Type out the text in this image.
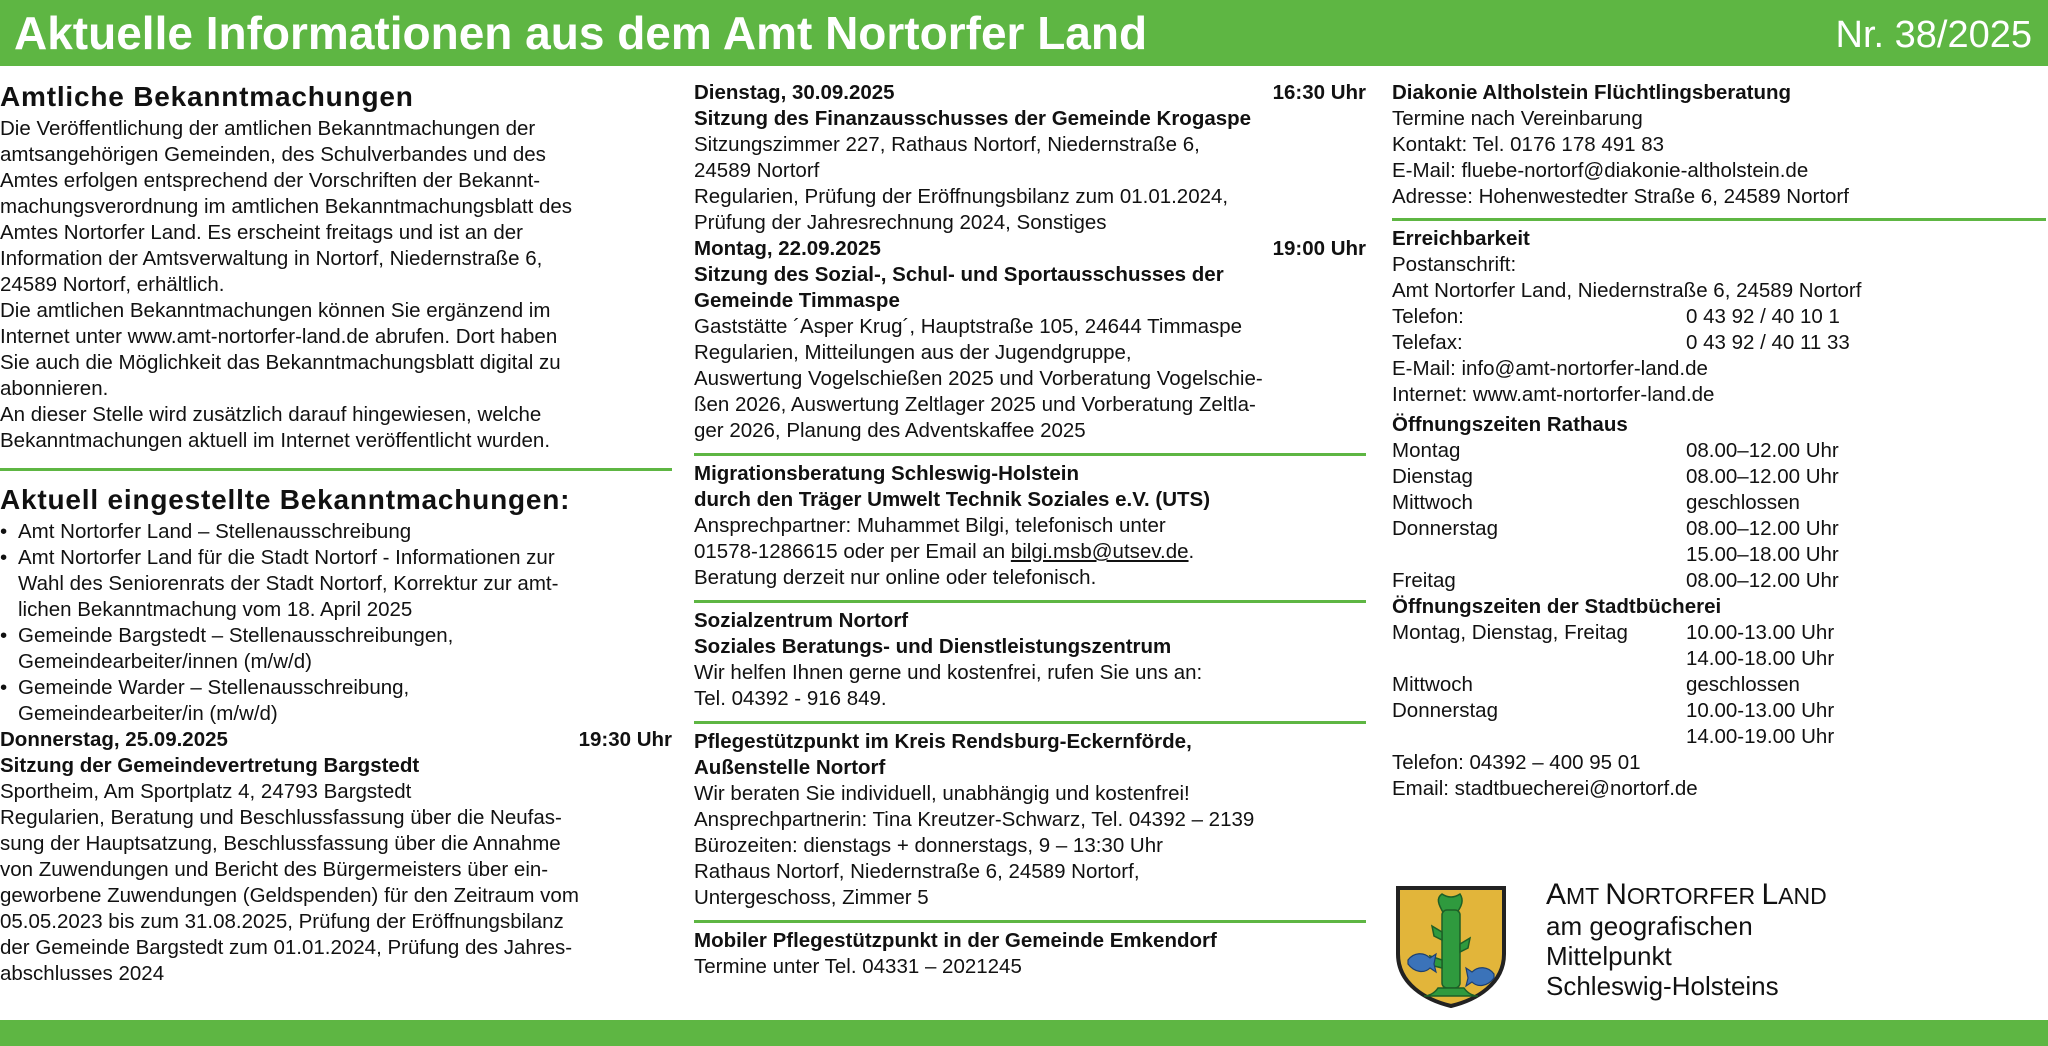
Aktuelle Informationen aus dem Amt Nortorfer Land	Nr. 38/2025
Amtliche Bekanntmachungen

Die Veröffentlichung der amtlichen Bekanntmachungen der

amtsangehörigen Gemeinden, des Schulverbandes und des

Amtes erfolgen entsprechend der Vorschriften der Bekannt-

machungsverordnung im amtlichen Bekanntmachungsblatt des

Amtes Nortorfer Land. Es erscheint freitags und ist an der

Information der Amtsverwaltung in Nortorf, Niedernstraße 6,

24589 Nortorf, erhältlich.

Die amtlichen Bekanntmachungen können Sie ergänzend im

Internet unter www.amt-nortorfer-land.de abrufen. Dort haben

Sie auch die Möglichkeit das Bekanntmachungsblatt digital zu

abonnieren.

An dieser Stelle wird zusätzlich darauf hingewiesen, welche

Bekanntmachungen aktuell im Internet veröffentlicht wurden.

Aktuell eingestellte Bekanntmachungen:
• Amt Nortorfer Land – Stellenausschreibung
• Amt Nortorfer Land für die Stadt Nortorf - Informationen zur
Wahl des Seniorenrats der Stadt Nortorf, Korrektur zur amt-
lichen Bekanntmachung vom 18. April 2025
• Gemeinde Bargstedt – Stellenausschreibungen,
Gemeindearbeiter/innen (m/w/d)
• Gemeinde Warder – Stellenausschreibung,
Gemeindearbeiter/in (m/w/d)
Donnerstag, 25.09.2025	19:30 Uhr
Sitzung der Gemeindevertretung Bargstedt

Sportheim, Am Sportplatz 4, 24793 Bargstedt

Regularien, Beratung und Beschlussfassung über die Neufas-

sung der Hauptsatzung, Beschlussfassung über die Annahme

von Zuwendungen und Bericht des Bürgermeisters über ein-

geworbene Zuwendungen (Geldspenden) für den Zeitraum vom

05.05.2023 bis zum 31.08.2025, Prüfung der Eröffnungsbilanz

der Gemeinde Bargstedt zum 01.01.2024, Prüfung des Jahres-

abschlusses 2024

Dienstag, 30.09.2025	16:30 Uhr
Sitzung des Finanzausschusses der Gemeinde Krogaspe

Sitzungszimmer 227, Rathaus Nortorf, Niedernstraße 6,

24589 Nortorf

Regularien, Prüfung der Eröffnungsbilanz zum 01.01.2024,

Prüfung der Jahresrechnung 2024, Sonstiges

Montag, 22.09.2025	19:00 Uhr
Sitzung des Sozial-, Schul- und Sportausschusses der
Gemeinde Timmaspe

Gaststätte ´Asper Krug´, Hauptstraße 105, 24644 Timmaspe

Regularien, Mitteilungen aus der Jugendgruppe,

Auswertung Vogelschießen 2025 und Vorberatung Vogelschie-

ßen 2026, Auswertung Zeltlager 2025 und Vorberatung Zeltla-

ger 2026, Planung des Adventskaffee 2025

Migrationsberatung Schleswig-Holstein
durch den Träger Umwelt Technik Soziales e.V. (UTS)

Ansprechpartner: Muhammet Bilgi, telefonisch unter

01578-1286615 oder per Email an bilgi.msb@utsev.de.

Beratung derzeit nur online oder telefonisch.

Sozialzentrum Nortorf
Soziales Beratungs- und Dienstleistungszentrum

Wir helfen Ihnen gerne und kostenfrei, rufen Sie uns an:

Tel. 04392 - 916 849.

Pflegestützpunkt im Kreis Rendsburg-Eckernförde,
Außenstelle Nortorf

Wir beraten Sie individuell, unabhängig und kostenfrei!

Ansprechpartnerin: Tina Kreutzer-Schwarz, Tel. 04392 – 2139

Bürozeiten: dienstags + donnerstags, 9 – 13:30 Uhr

Rathaus Nortorf, Niedernstraße 6, 24589 Nortorf,

Untergeschoss, Zimmer 5

Mobiler Pflegestützpunkt in der Gemeinde Emkendorf

Termine unter Tel. 04331 – 2021245

Diakonie Altholstein Flüchtlingsberatung

Termine nach Vereinbarung

Kontakt: Tel. 0176 178 491 83

E-Mail: fluebe-nortorf@diakonie-altholstein.de

Adresse: Hohenwestedter Straße 6, 24589 Nortorf

Erreichbarkeit

Postanschrift:

Amt Nortorfer Land, Niedernstraße 6, 24589 Nortorf

Telefon:	0 43 92 / 40 10 1
Telefax:	0 43 92 / 40 11 33

E-Mail: info@amt-nortorfer-land.de

Internet: www.amt-nortorfer-land.de

Öffnungszeiten Rathaus
Montag	08.00–12.00 Uhr
Dienstag	08.00–12.00 Uhr
Mittwoch	geschlossen
Donnerstag	08.00–12.00 Uhr
15.00–18.00 Uhr
Freitag	08.00–12.00 Uhr
Öffnungszeiten der Stadtbücherei
Montag, Dienstag, Freitag	10.00-13.00 Uhr
14.00-18.00 Uhr
Mittwoch	geschlossen
Donnerstag	10.00-13.00 Uhr
14.00-19.00 Uhr

Telefon: 04392 – 400 95 01

Email: stadtbuecherei@nortorf.de

AMT NORTORFER LAND
am geografischen
Mittelpunkt
Schleswig-Holsteins
